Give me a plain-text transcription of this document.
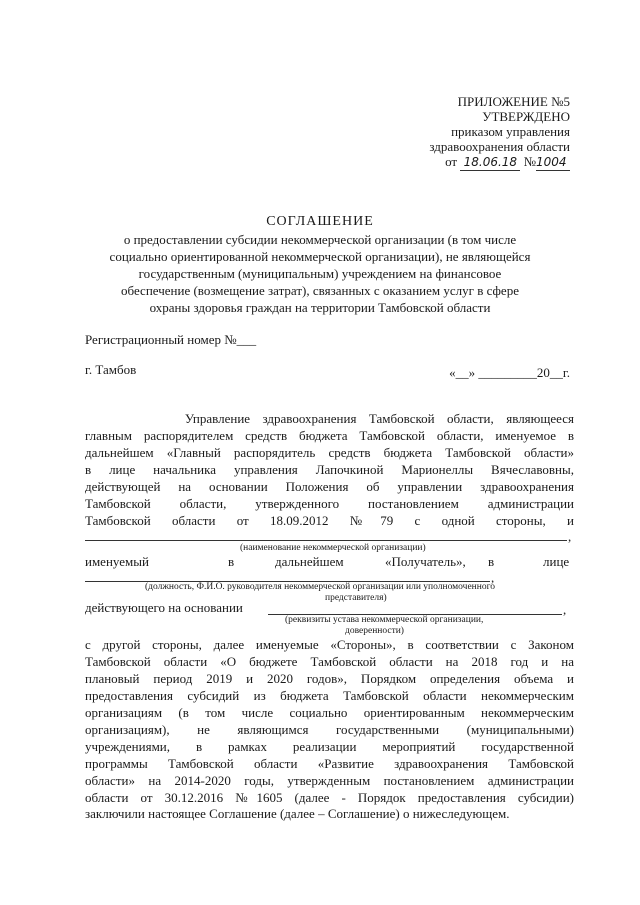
ПРИЛОЖЕНИЕ №5
УТВЕРЖДЕНО
приказом управления
здравоохранения области
от 18.06.18 №1004
СОГЛАШЕНИЕ
о предоставлении субсидии некоммерческой организации (в том числе
социально ориентированной некоммерческой организации), не являющейся
государственным (муниципальным) учреждением на финансовое
обеспечение (возмещение затрат), связанных с оказанием услуг в сфере
охраны здоровья граждан на территории Тамбовской области
Регистрационный номер №___
г. Тамбов	«__» _________20__г.
Управление здравоохранения Тамбовской области, являющееся
главным распорядителем средств бюджета Тамбовской области, именуемое в
дальнейшем «Главный распорядитель средств бюджета Тамбовской области»
в лице начальника управления Лапочкиной Марионеллы Вячеславовны,
действующей на основании Положения об управлении здравоохранения
Тамбовской области, утвержденного постановлением администрации
Тамбовской области от 18.09.2012 №79 с одной стороны, и
,
(наименование некоммерческой организации)
именуемый	в	дальнейшем	«Получатель», в	лице
,
(должность, Ф.И.О. руководителя некоммерческой организации или уполномоченного
представителя)
действующего на основании	,
(реквизиты устава некоммерческой организации,
доверенности)
с другой стороны, далее именуемые «Стороны», в соответствии с Законом
Тамбовской области «О бюджете Тамбовской области на 2018 год и на
плановый период 2019 и 2020 годов», Порядком определения объема и
предоставления субсидий из бюджета Тамбовской области некоммерческим
организациям (в том числе социально ориентированным некоммерческим
организациям), не являющимся государственными (муниципальными)
учреждениями, в рамках реализации мероприятий государственной
программы Тамбовской области «Развитие здравоохранения Тамбовской
области» на 2014-2020 годы, утвержденным постановлением администрации
области от 30.12.2016 №1605 (далее - Порядок предоставления субсидии)
заключили настоящее Соглашение (далее – Соглашение) о нижеследующем.
